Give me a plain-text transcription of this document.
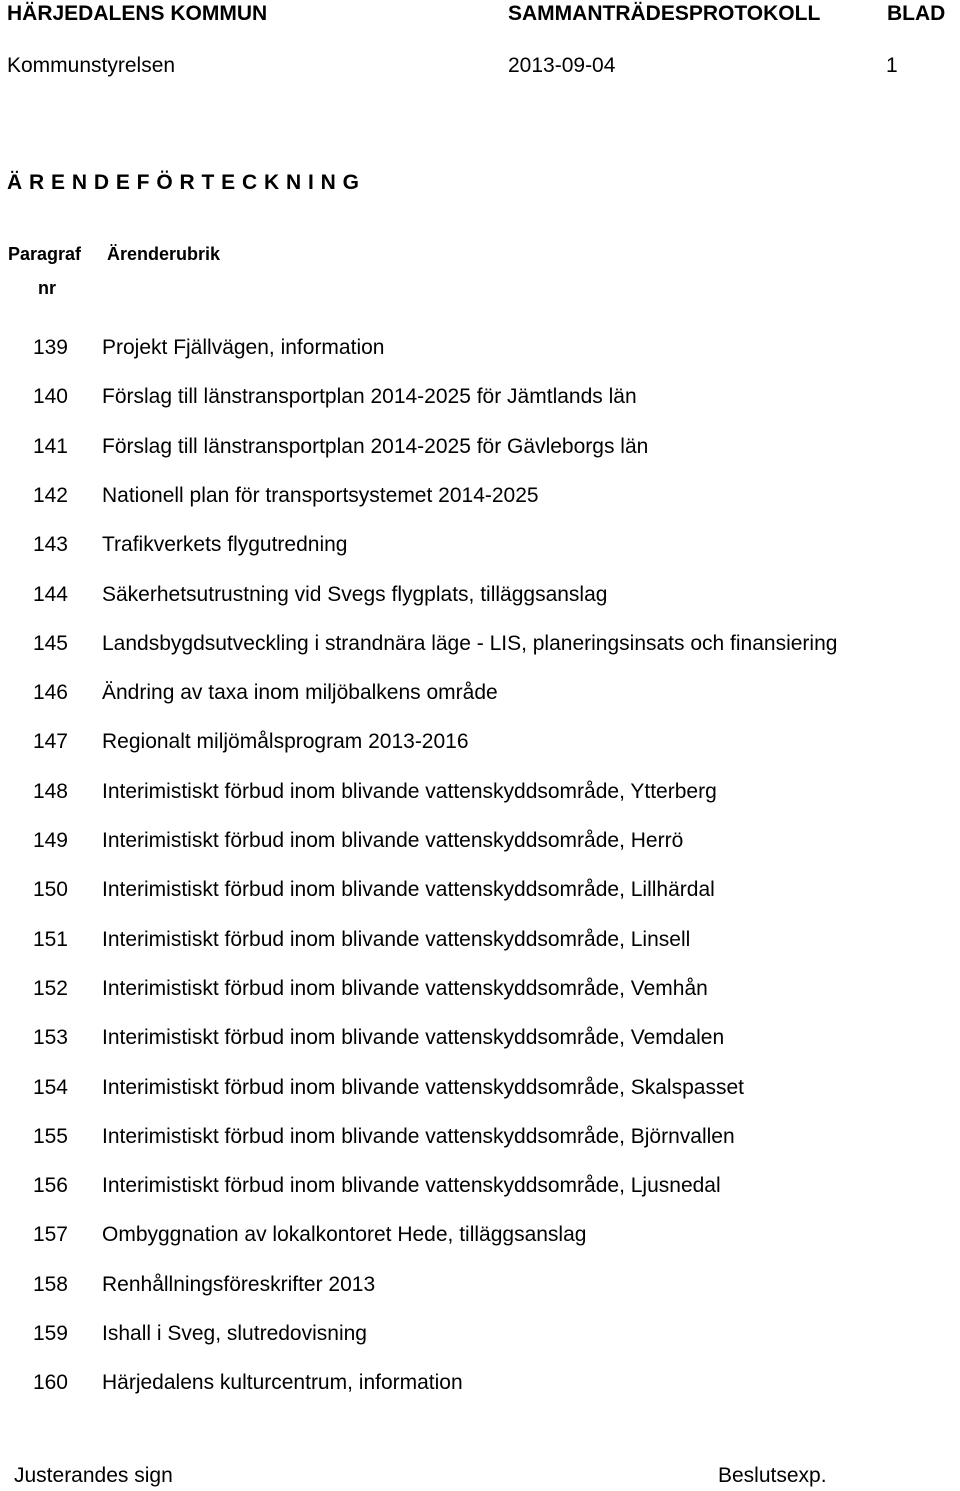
HÄRJEDALENS KOMMUN	SAMMANTRÄDESPROTOKOLL	BLAD
Kommunstyrelsen	2013-09-04	1
Ä R E N D E F Ö R T E C K N I N G
Paragraf
nr
Ärenderubrik
139 Projekt Fjällvägen, information
140 Förslag till länstransportplan 2014-2025 för Jämtlands län
141 Förslag till länstransportplan 2014-2025 för Gävleborgs län
142 Nationell plan för transportsystemet 2014-2025
143 Trafikverkets flygutredning
144 Säkerhetsutrustning vid Svegs flygplats, tilläggsanslag
145 Landsbygdsutveckling i strandnära läge - LIS, planeringsinsats och finansiering
146 Ändring av taxa inom miljöbalkens område
147 Regionalt miljömålsprogram 2013-2016
148 Interimistiskt förbud inom blivande vattenskyddsområde, Ytterberg
149 Interimistiskt förbud inom blivande vattenskyddsområde, Herrö
150 Interimistiskt förbud inom blivande vattenskyddsområde, Lillhärdal
151 Interimistiskt förbud inom blivande vattenskyddsområde, Linsell
152 Interimistiskt förbud inom blivande vattenskyddsområde, Vemhån
153 Interimistiskt förbud inom blivande vattenskyddsområde, Vemdalen
154 Interimistiskt förbud inom blivande vattenskyddsområde, Skalspasset
155 Interimistiskt förbud inom blivande vattenskyddsområde, Björnvallen
156 Interimistiskt förbud inom blivande vattenskyddsområde, Ljusnedal
157 Ombyggnation av lokalkontoret Hede, tilläggsanslag
158 Renhållningsföreskrifter 2013
159 Ishall i Sveg, slutredovisning
160 Härjedalens kulturcentrum, information
Justerandes sign	Beslutsexp.
